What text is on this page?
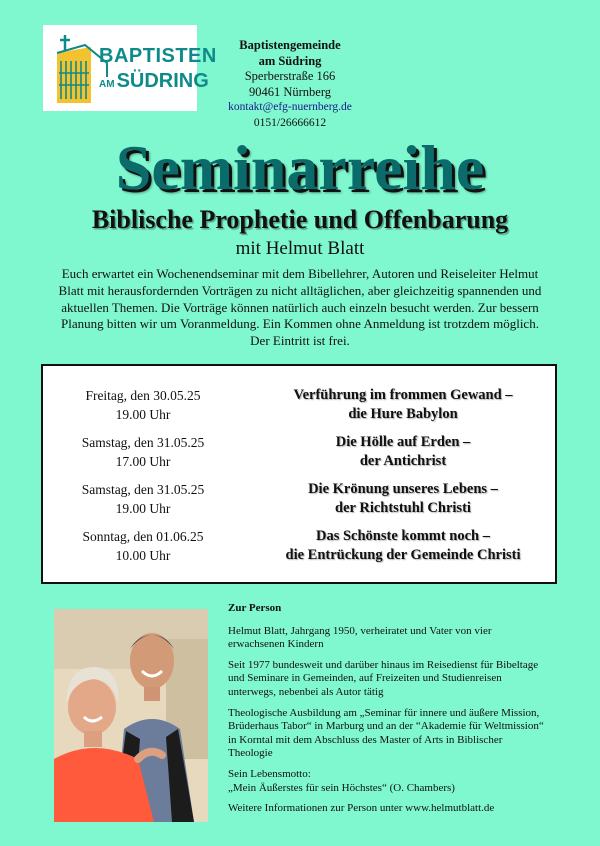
BAPTISTEN
AM SÜDRING
Baptistengemeinde
am Südring
Sperberstraße 166
90461 Nürnberg
kontakt@efg-nuernberg.de
0151/26666612
Seminarreihe
Biblische Prophetie und Offenbarung
mit Helmut Blatt
Euch erwartet ein Wochenendseminar mit dem Bibellehrer, Autoren und Reiseleiter Helmut Blatt mit herausfordernden Vorträgen zu nicht alltäglichen, aber gleichzeitig spannenden und aktuellen Themen. Die Vorträge können natürlich auch einzeln besucht werden. Zur bessern Planung bitten wir um Voranmeldung. Ein Kommen ohne Anmeldung ist trotzdem möglich. Der Eintritt ist frei.
Freitag, den 30.05.25
19.00 Uhr
Verführung im frommen Gewand –
die Hure Babylon
Samstag, den 31.05.25
17.00 Uhr
Die Hölle auf Erden –
der Antichrist
Samstag, den 31.05.25
19.00 Uhr
Die Krönung unseres Lebens –
der Richtstuhl Christi
Sonntag, den 01.06.25
10.00 Uhr
Das Schönste kommt noch –
die Entrückung der Gemeinde Christi

Zur Person

Helmut Blatt, Jahrgang 1950, verheiratet und Vater von vier erwachsenen Kindern

Seit 1977 bundesweit und darüber hinaus im Reisedienst für Bibeltage und Seminare in Gemeinden, auf Freizeiten und Studienreisen unterwegs, nebenbei als Autor tätig

Theologische Ausbildung am „Seminar für innere und äußere Mission, Brüderhaus Tabor“ in Marburg und an der “Akademie für Weltmission“ in Korntal mit dem Abschluss des Master of Arts in Biblischer Theologie

Sein Lebensmotto:
„Mein Äußerstes für sein Höchstes“ (O. Chambers)

Weitere Informationen zur Person unter www.helmutblatt.de
